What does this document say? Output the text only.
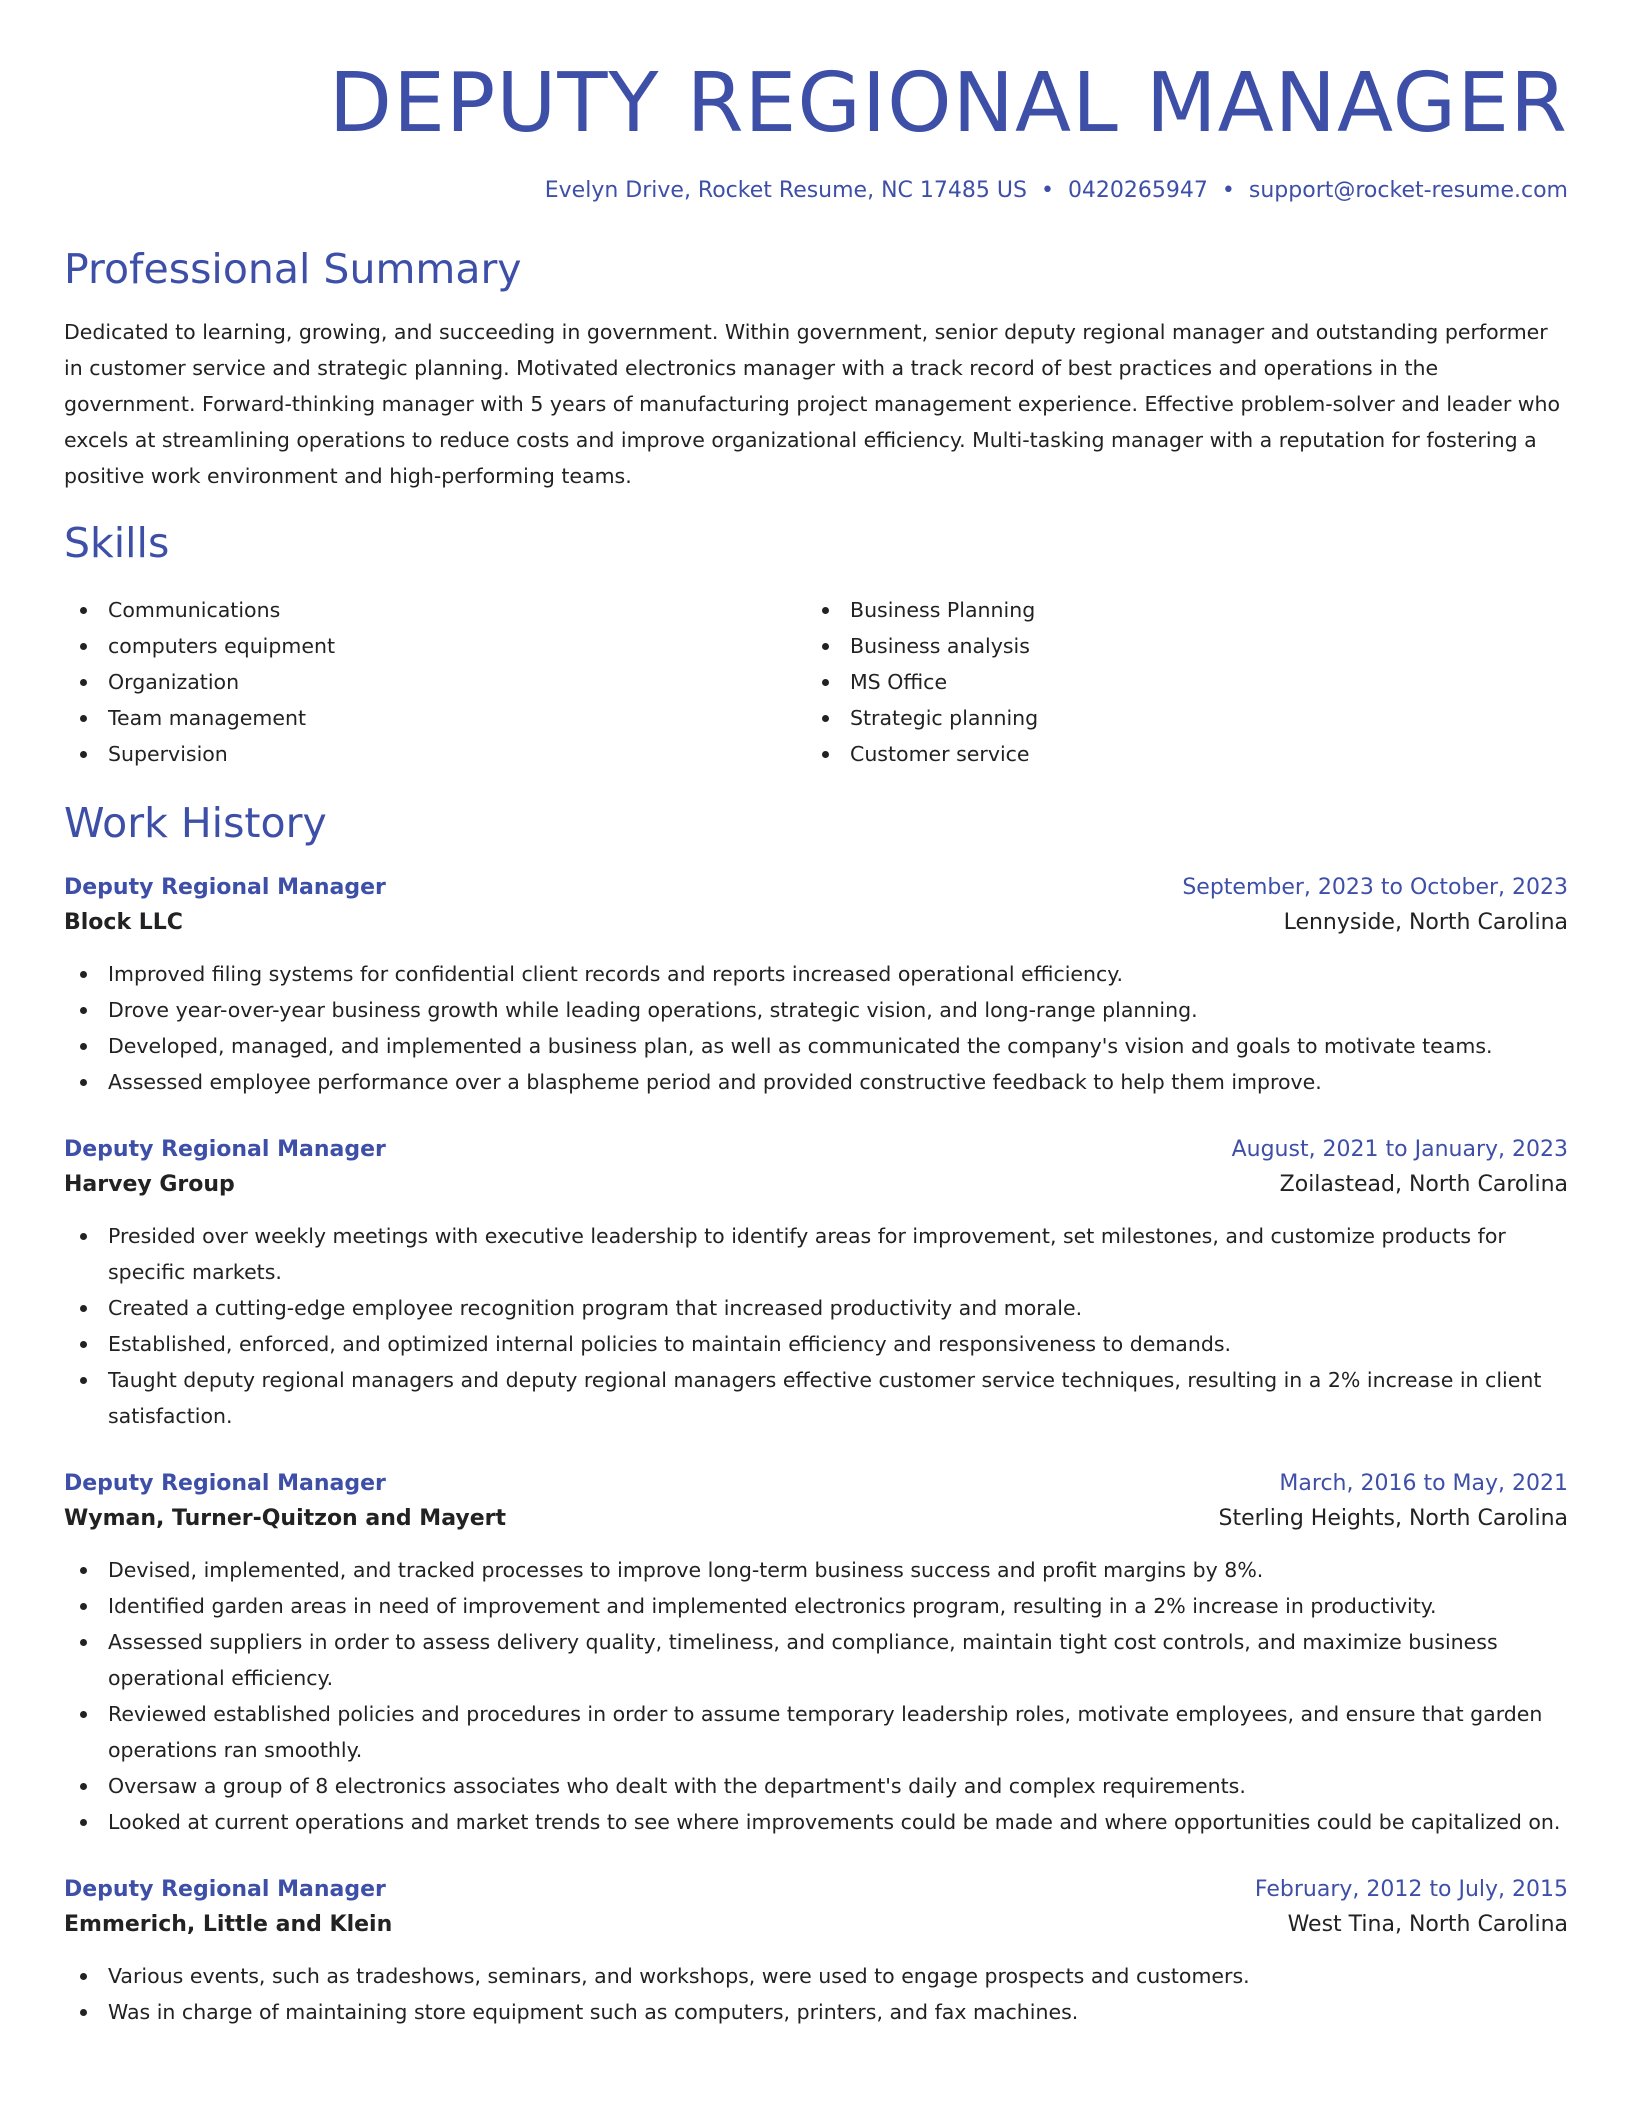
DEPUTY REGIONAL MANAGER
Evelyn Drive, Rocket Resume, NC 17485 US • 0420265947 • support@rocket-resume.com
Professional Summary

Dedicated to learning, growing, and succeeding in government. Within government, senior deputy regional manager and outstanding performer in customer service and strategic planning. Motivated electronics manager with a track record of best practices and operations in the government. Forward-thinking manager with 5 years of manufacturing project management experience. Effective problem-solver and leader who excels at streamlining operations to reduce costs and improve organizational efficiency. Multi-tasking manager with a reputation for fostering a positive work environment and high-performing teams.

Skills
Communications
computers equipment
Organization
Team management
Supervision
Business Planning
Business analysis
MS Office
Strategic planning
Customer service
Work History
Deputy Regional Manager	September, 2023 to October, 2023
Block LLC	Lennyside, North Carolina
Improved filing systems for confidential client records and reports increased operational efficiency.
Drove year-over-year business growth while leading operations, strategic vision, and long-range planning.
Developed, managed, and implemented a business plan, as well as communicated the company's vision and goals to motivate teams.
Assessed employee performance over a blaspheme period and provided constructive feedback to help them improve.
Deputy Regional Manager	August, 2021 to January, 2023
Harvey Group	Zoilastead, North Carolina
Presided over weekly meetings with executive leadership to identify areas for improvement, set milestones, and customize products for specific markets.
Created a cutting-edge employee recognition program that increased productivity and morale.
Established, enforced, and optimized internal policies to maintain efficiency and responsiveness to demands.
Taught deputy regional managers and deputy regional managers effective customer service techniques, resulting in a 2% increase in client satisfaction.
Deputy Regional Manager	March, 2016 to May, 2021
Wyman, Turner-Quitzon and Mayert	Sterling Heights, North Carolina
Devised, implemented, and tracked processes to improve long-term business success and profit margins by 8%.
Identified garden areas in need of improvement and implemented electronics program, resulting in a 2% increase in productivity.
Assessed suppliers in order to assess delivery quality, timeliness, and compliance, maintain tight cost controls, and maximize business operational efficiency.
Reviewed established policies and procedures in order to assume temporary leadership roles, motivate employees, and ensure that garden operations ran smoothly.
Oversaw a group of 8 electronics associates who dealt with the department's daily and complex requirements.
Looked at current operations and market trends to see where improvements could be made and where opportunities could be capitalized on.
Deputy Regional Manager	February, 2012 to July, 2015
Emmerich, Little and Klein	West Tina, North Carolina
Various events, such as tradeshows, seminars, and workshops, were used to engage prospects and customers.
Was in charge of maintaining store equipment such as computers, printers, and fax machines.
